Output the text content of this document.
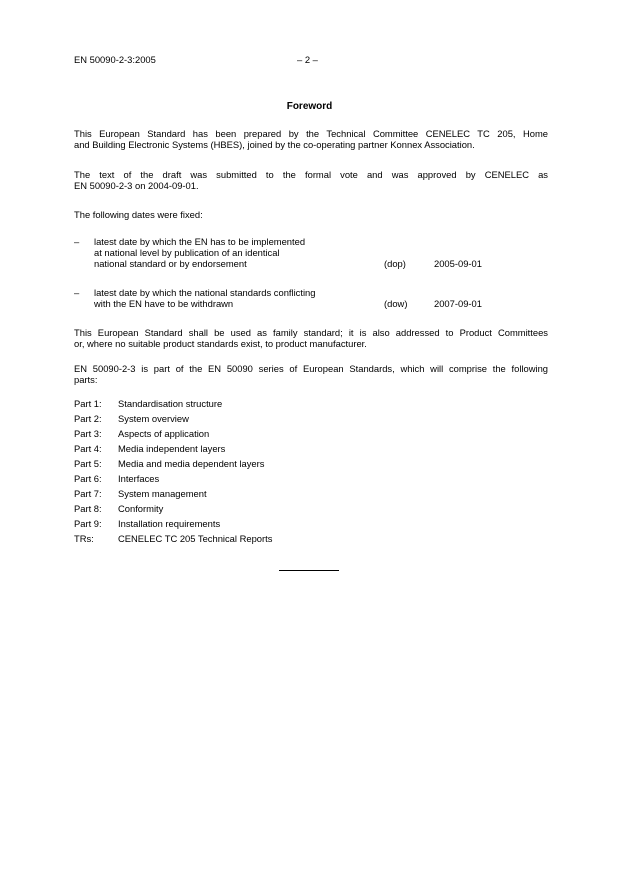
EN 50090-2-3:2005	– 2 –
Foreword
This European Standard has been prepared by the Technical Committee CENELEC TC 205, Home
and Building Electronic Systems (HBES), joined by the co-operating partner Konnex Association.
The text of the draft was submitted to the formal vote and was approved by CENELEC as
EN 50090-2-3 on 2004-09-01.
The following dates were fixed:
– latest date by which the EN has to be implemented
at national level by publication of an identical
national standard or by endorsement	(dop)	2005-09-01
– latest date by which the national standards conflicting
with the EN have to be withdrawn	(dow)	2007-09-01
This European Standard shall be used as family standard; it is also addressed to Product Committees
or, where no suitable product standards exist, to product manufacturer.
EN 50090-2-3 is part of the EN 50090 series of European Standards, which will comprise the following
parts:
Part 1: Standardisation structure
Part 2: System overview
Part 3: Aspects of application
Part 4: Media independent layers
Part 5: Media and media dependent layers
Part 6: Interfaces
Part 7: System management
Part 8: Conformity
Part 9: Installation requirements
TRs:	CENELEC TC 205 Technical Reports
